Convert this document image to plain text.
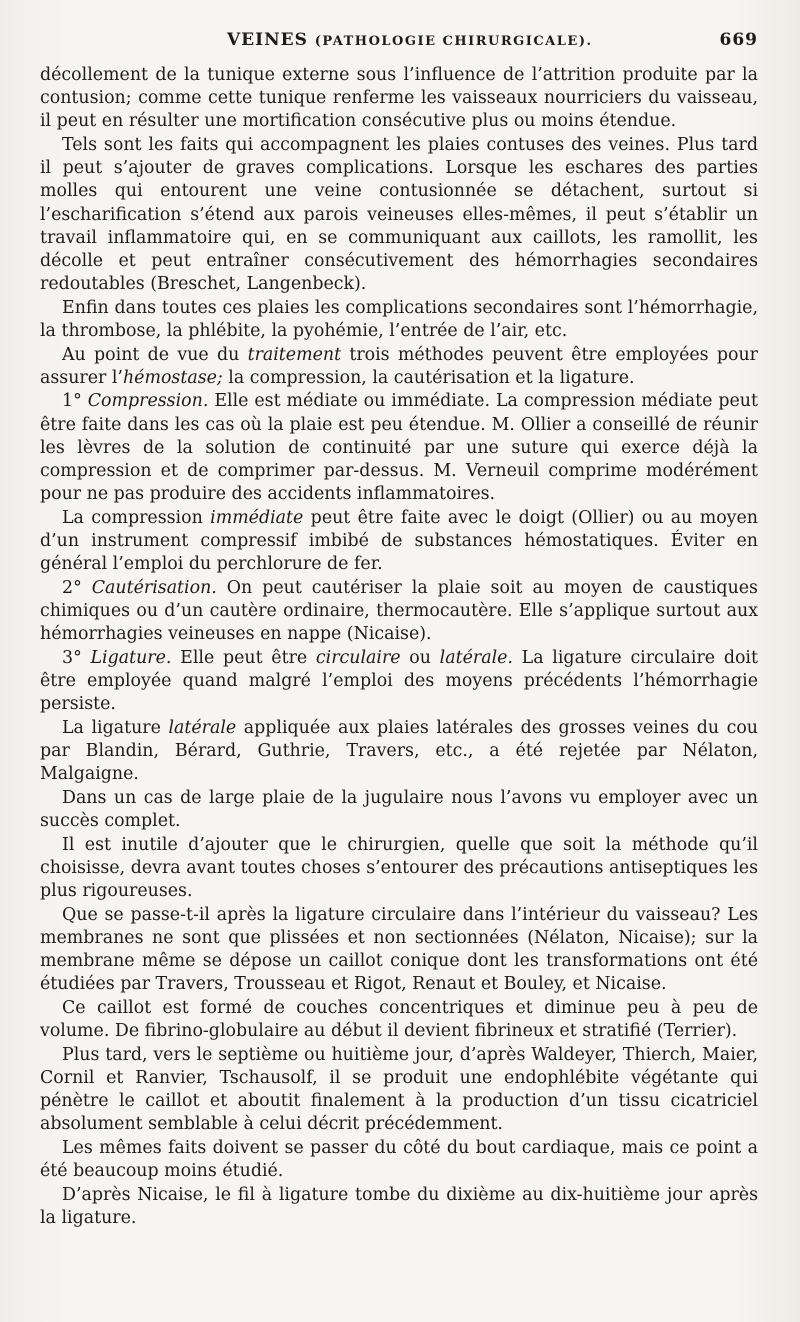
VEINES (PATHOLOGIE CHIRURGICALE).	669

décollement de la tunique externe sous l’influence de l’attrition produite par la contusion; comme cette tunique renferme les vaisseaux nourriciers du vaisseau, il peut en résulter une mortification consécutive plus ou moins étendue.

Tels sont les faits qui accompagnent les plaies contuses des veines. Plus tard il peut s’ajouter de graves complications. Lorsque les eschares des parties molles qui entourent une veine contusionnée se détachent, surtout si l’escharification s’étend aux parois veineuses elles-mêmes, il peut s’établir un travail inflammatoire qui, en se communiquant aux caillots, les ramollit, les décolle et peut entraîner consécutivement des hémorrhagies secondaires redoutables (Breschet, Langenbeck).

Enfin dans toutes ces plaies les complications secondaires sont l’hémorrhagie, la thrombose, la phlébite, la pyohémie, l’entrée de l’air, etc.

Au point de vue du traitement trois méthodes peuvent être employées pour assurer l’hémostase; la compression, la cautérisation et la ligature.

1° Compression. Elle est médiate ou immédiate. La compression médiate peut être faite dans les cas où la plaie est peu étendue. M. Ollier a conseillé de réunir les lèvres de la solution de continuité par une suture qui exerce déjà la compression et de comprimer par-dessus. M. Verneuil comprime modérément pour ne pas produire des accidents inflammatoires.

La compression immédiate peut être faite avec le doigt (Ollier) ou au moyen d’un instrument compressif imbibé de substances hémostatiques. Éviter en général l’emploi du perchlorure de fer.

2° Cautérisation. On peut cautériser la plaie soit au moyen de caustiques chimiques ou d’un cautère ordinaire, thermocautère. Elle s’applique surtout aux hémorrhagies veineuses en nappe (Nicaise).

3° Ligature. Elle peut être circulaire ou latérale. La ligature circulaire doit être employée quand malgré l’emploi des moyens précédents l’hémorrhagie persiste.

La ligature latérale appliquée aux plaies latérales des grosses veines du cou par Blandin, Bérard, Guthrie, Travers, etc., a été rejetée par Nélaton, Malgaigne.

Dans un cas de large plaie de la jugulaire nous l’avons vu employer avec un succès complet.

Il est inutile d’ajouter que le chirurgien, quelle que soit la méthode qu’il choisisse, devra avant toutes choses s’entourer des précautions antiseptiques les plus rigoureuses.

Que se passe-t-il après la ligature circulaire dans l’intérieur du vaisseau? Les membranes ne sont que plissées et non sectionnées (Nélaton, Nicaise); sur la membrane même se dépose un caillot conique dont les transformations ont été étudiées par Travers, Trousseau et Rigot, Renaut et Bouley, et Nicaise.

Ce caillot est formé de couches concentriques et diminue peu à peu de volume. De fibrino-globulaire au début il devient fibrineux et stratifié (Terrier).

Plus tard, vers le septième ou huitième jour, d’après Waldeyer, Thierch, Maier, Cornil et Ranvier, Tschausolf, il se produit une endophlébite végétante qui pénètre le caillot et aboutit finalement à la production d’un tissu cicatriciel absolument semblable à celui décrit précédemment.

Les mêmes faits doivent se passer du côté du bout cardiaque, mais ce point a été beaucoup moins étudié.

D’après Nicaise, le fil à ligature tombe du dixième au dix-huitième jour après la ligature.
